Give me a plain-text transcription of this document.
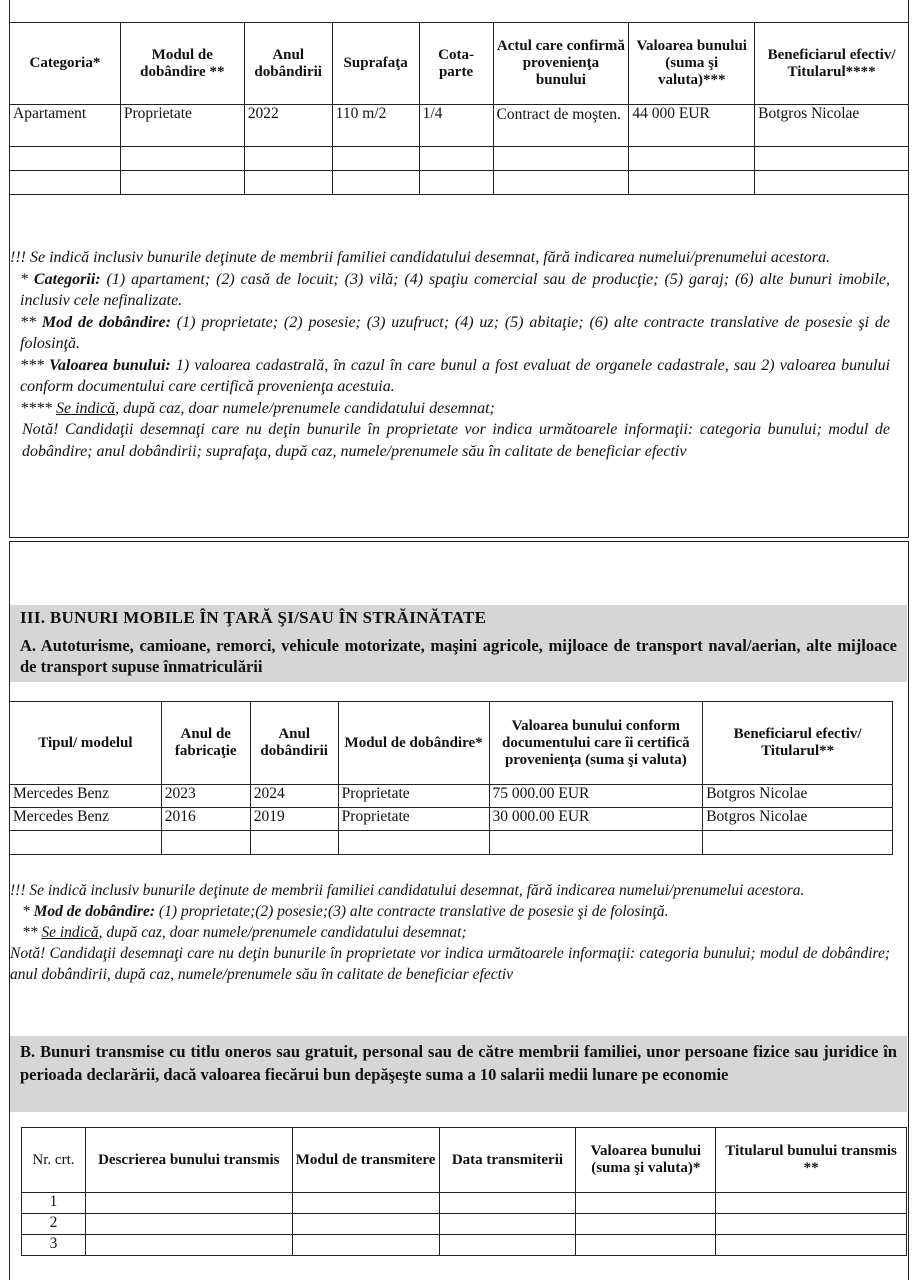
Categoria*	Modul de dobândire **	Anul dobândirii	Suprafaţa	Cota-parte	Actul care confirmă provenienţa bunului	Valoarea bunului (suma şi valuta)***	Beneficiarul efectiv/ Titularul****
Apartament	Proprietate	2022	110 m/2	1/4	Contract de moşten.	44 000 EUR	Botgros Nicolae

!!! Se indică inclusiv bunurile deţinute de membrii familiei candidatului desemnat, fără indicarea numelui/prenumelui acestora.

* Categorii: (1) apartament; (2) casă de locuit; (3) vilă; (4) spaţiu comercial sau de producţie; (5) garaj; (6) alte bunuri imobile, inclusiv cele nefinalizate.

** Mod de dobândire: (1) proprietate; (2) posesie; (3) uzufruct; (4) uz; (5) abitaţie; (6) alte contracte translative de posesie şi de folosinţă.

*** Valoarea bunului: 1) valoarea cadastrală, în cazul în care bunul a fost evaluat de organele cadastrale, sau 2) valoarea bunului conform documentului care certifică provenienţa acestuia.

**** Se indică, după caz, doar numele/prenumele candidatului desemnat;

Notă! Candidaţii desemnaţi care nu deţin bunurile în proprietate vor indica următoarele informaţii: categoria bunului; modul de dobândire; anul dobândirii; suprafaţa, după caz, numele/prenumele său în calitate de beneficiar efectiv

III. BUNURI MOBILE ÎN ŢARĂ ŞI/SAU ÎN STRĂINĂTATE
A. Autoturisme, camioane, remorci, vehicule motorizate, maşini agricole, mijloace de transport naval/aerian, alte mijloace de transport supuse înmatriculării
Tipul/ modelul	Anul de fabricaţie	Anul dobândirii	Modul de dobândire*	Valoarea bunului conform documentului care îi certifică provenienţa (suma şi valuta)	Beneficiarul efectiv/ Titularul**
Mercedes Benz	2023	2024	Proprietate	75 000.00 EUR	Botgros Nicolae
Mercedes Benz	2016	2019	Proprietate	30 000.00 EUR	Botgros Nicolae

!!! Se indică inclusiv bunurile deţinute de membrii familiei candidatului desemnat, fără indicarea numelui/prenumelui acestora.

* Mod de dobândire: (1) proprietate;(2) posesie;(3) alte contracte translative de posesie şi de folosinţă.

** Se indică, după caz, doar numele/prenumele candidatului desemnat;

Notă! Candidaţii desemnaţi care nu deţin bunurile în proprietate vor indica următoarele informaţii: categoria bunului; modul de dobândire; anul dobândirii, după caz, numele/prenumele său în calitate de beneficiar efectiv

B. Bunuri transmise cu titlu oneros sau gratuit, personal sau de către membrii familiei, unor persoane fizice sau juridice în perioada declarării, dacă valoarea fiecărui bun depăşeşte suma a 10 salarii medii lunare pe economie
Nr. crt.	Descrierea bunului transmis	Modul de transmitere	Data transmiterii	Valoarea bunului (suma şi valuta)*	Titularul bunului transmis **
1					
2					
3					
